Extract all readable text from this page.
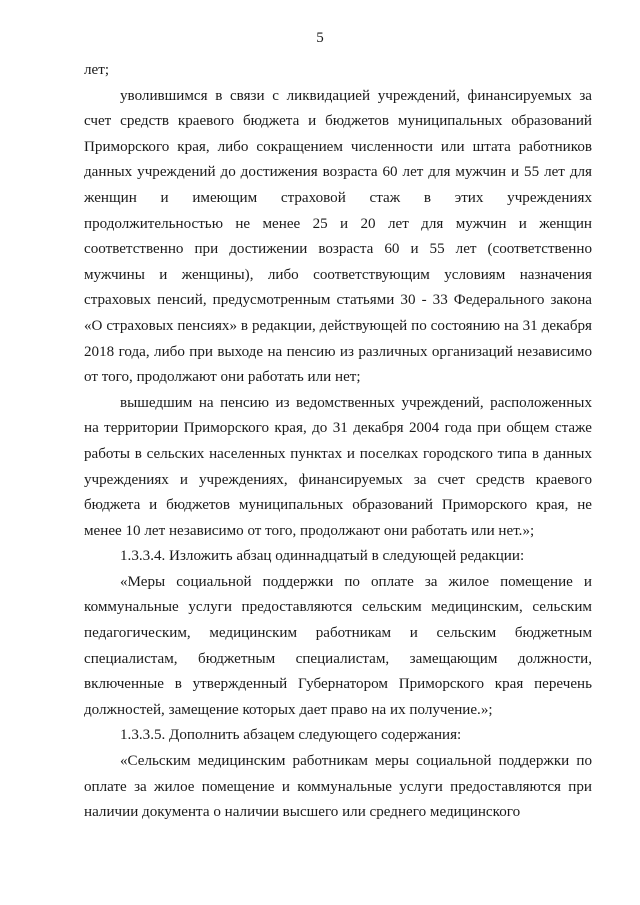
5

лет;

уволившимся в связи с ликвидацией учреждений, финансируемых за счет средств краевого бюджета и бюджетов муниципальных образований Приморского края, либо сокращением численности или штата работников данных учреждений до достижения возраста 60 лет для мужчин и 55 лет для женщин и имеющим страховой стаж в этих учреждениях продолжительностью не менее 25 и 20 лет для мужчин и женщин соответственно при достижении возраста 60 и 55 лет (соответственно мужчины и женщины), либо соответствующим условиям назначения страховых пенсий, предусмотренным статьями 30 - 33 Федерального закона «О страховых пенсиях» в редакции, действующей по состоянию на 31 декабря 2018 года, либо при выходе на пенсию из различных организаций независимо от того, продолжают они работать или нет;

вышедшим на пенсию из ведомственных учреждений, расположенных на территории Приморского края, до 31 декабря 2004 года при общем стаже работы в сельских населенных пунктах и поселках городского типа в данных учреждениях и учреждениях, финансируемых за счет средств краевого бюджета и бюджетов муниципальных образований Приморского края, не менее 10 лет независимо от того, продолжают они работать или нет.»;

1.3.3.4. Изложить абзац одиннадцатый в следующей редакции:

«Меры социальной поддержки по оплате за жилое помещение и коммунальные услуги предоставляются сельским медицинским, сельским педагогическим, медицинским работникам и сельским бюджетным специалистам, бюджетным специалистам, замещающим должности, включенные в утвержденный Губернатором Приморского края перечень должностей, замещение которых дает право на их получение.»;

1.3.3.5. Дополнить абзацем следующего содержания:

«Сельским медицинским работникам меры социальной поддержки по оплате за жилое помещение и коммунальные услуги предоставляются при наличии документа о наличии высшего или среднего медицинского
